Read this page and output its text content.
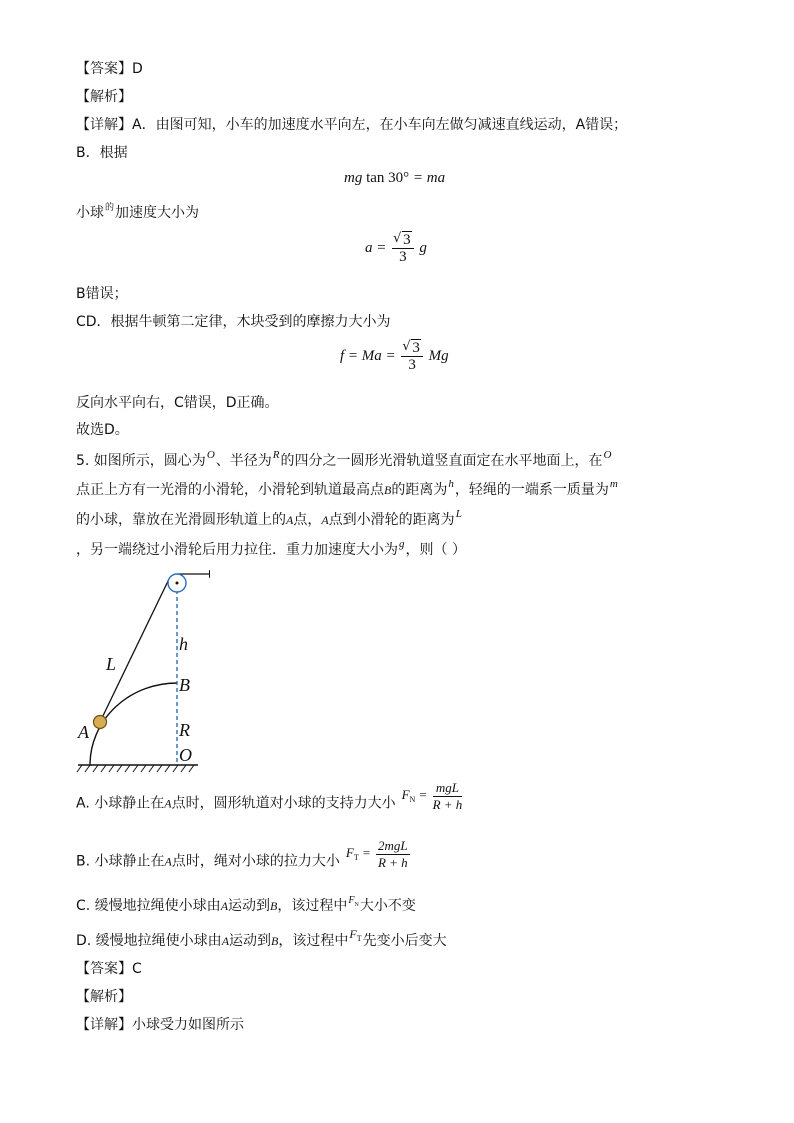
【答案】D
【解析】
【详解】A．由图可知，小车的加速度水平向左，在小车向左做匀减速直线运动，A错误；
B．根据
mg tan 30° = ma
小球$^的$加速度大小为
a = √ $\frac{3}{3}$ g
B错误；
CD．根据牛顿第二定律，木块受到的摩擦力大小为
f = Ma = √ $\frac{3}{3}$ Mg
反向水平向右，C错误，D正确。
故选D。
5. 如图所示，圆心为$^O$、半径为$^R$的四分之一圆形光滑轨道竖直面定在水平地面上，在$^O$
点正上方有一光滑的小滑轮，小滑轮到轨道最高点B的距离为$^h$，轻绳的一端系一质量为$^m$
的小球，靠放在光滑圆形轨道上的A点，A点到小滑轮的距离为$^L$
，另一端绕过小滑轮后用力拉住．重力加速度大小为$^g$，则（ ）
L
h
B
A	R
O
A. 小球静止在A点时，圆形轨道对小球的支持力大小$F_N = \frac{\text{mgL}}{R + h}$
B. 小球静止在A点时，绳对小球的拉力大小$F_T = \frac{\text{2mgL}}{R + h}$
C. 缓慢地拉绳使小球由A运动到B，该过程中$^{F_N}$大小不变
D. 缓慢地拉绳使小球由A运动到B，该过程中$F_T$先变小后变大
【答案】C
【解析】
【详解】小球受力如图所示
